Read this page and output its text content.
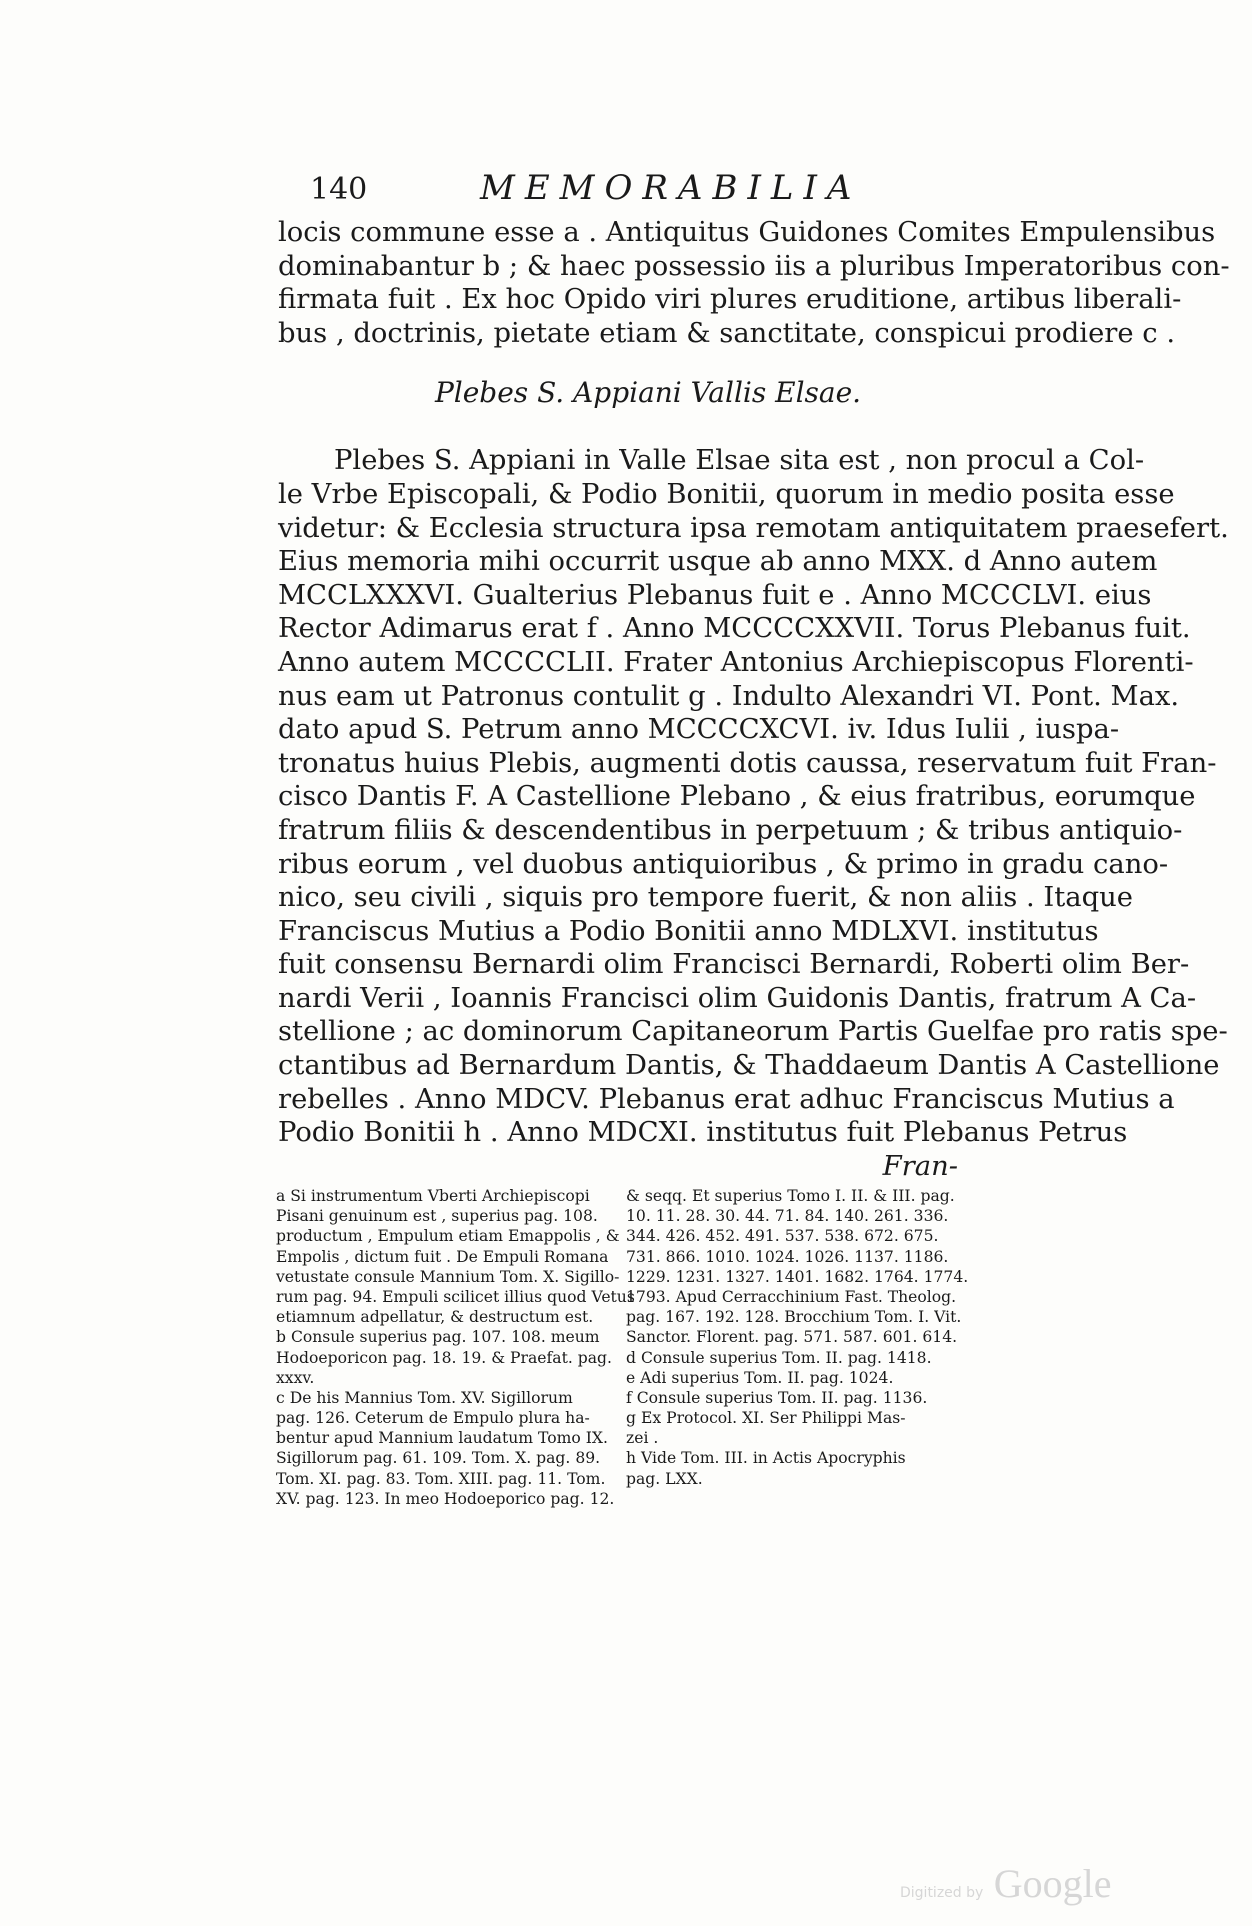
140	MEMORABILIA
locis commune esse a . Antiquitus Guidones Comites Empulensibus
dominabantur b ; & haec possessio iis a pluribus Imperatoribus con-
firmata fuit . Ex hoc Opido viri plures eruditione, artibus liberali-
bus , doctrinis, pietate etiam & sanctitate, conspicui prodiere c .
Plebes S. Appiani Vallis Elsae.
Plebes S. Appiani in Valle Elsae sita est , non procul a Col-
le Vrbe Episcopali, & Podio Bonitii, quorum in medio posita esse
videtur: & Ecclesia structura ipsa remotam antiquitatem praesefert.
Eius memoria mihi occurrit usque ab anno MXX. d Anno autem
MCCLXXXVI. Gualterius Plebanus fuit e . Anno MCCCLVI. eius
Rector Adimarus erat f . Anno MCCCCXXVII. Torus Plebanus fuit.
Anno autem MCCCCLII. Frater Antonius Archiepiscopus Florenti-
nus eam ut Patronus contulit g . Indulto Alexandri VI. Pont. Max.
dato apud S. Petrum anno MCCCCXCVI. iv. Idus Iulii , iuspa-
tronatus huius Plebis, augmenti dotis caussa, reservatum fuit Fran-
cisco Dantis F. A Castellione Plebano , & eius fratribus, eorumque
fratrum filiis & descendentibus in perpetuum ; & tribus antiquio-
ribus eorum , vel duobus antiquioribus , & primo in gradu cano-
nico, seu civili , siquis pro tempore fuerit, & non aliis . Itaque
Franciscus Mutius a Podio Bonitii anno MDLXVI. institutus
fuit consensu Bernardi olim Francisci Bernardi, Roberti olim Ber-
nardi Verii , Ioannis Francisci olim Guidonis Dantis, fratrum A Ca-
stellione ; ac dominorum Capitaneorum Partis Guelfae pro ratis spe-
ctantibus ad Bernardum Dantis, & Thaddaeum Dantis A Castellione
rebelles . Anno MDCV. Plebanus erat adhuc Franciscus Mutius a
Podio Bonitii h . Anno MDCXI. institutus fuit Plebanus Petrus
Fran-
a Si instrumentum Vberti Archiepiscopi
Pisani genuinum est , superius pag. 108.
productum , Empulum etiam Emappolis , &
Empolis , dictum fuit . De Empuli Romana
vetustate consule Mannium Tom. X. Sigillo-
rum pag. 94. Empuli scilicet illius quod Vetus
etiamnum adpellatur, & destructum est.
b Consule superius pag. 107. 108. meum
Hodoeporicon pag. 18. 19. & Praefat. pag.
xxxv.
c De his Mannius Tom. XV. Sigillorum
pag. 126. Ceterum de Empulo plura ha-
bentur apud Mannium laudatum Tomo IX.
Sigillorum pag. 61. 109. Tom. X. pag. 89.
Tom. XI. pag. 83. Tom. XIII. pag. 11. Tom.
XV. pag. 123. In meo Hodoeporico pag. 12.
& seqq. Et superius Tomo I. II. & III. pag.
10. 11. 28. 30. 44. 71. 84. 140. 261. 336.
344. 426. 452. 491. 537. 538. 672. 675.
731. 866. 1010. 1024. 1026. 1137. 1186.
1229. 1231. 1327. 1401. 1682. 1764. 1774.
1793. Apud Cerracchinium Fast. Theolog.
pag. 167. 192. 128. Brocchium Tom. I. Vit.
Sanctor. Florent. pag. 571. 587. 601. 614.
d Consule superius Tom. II. pag. 1418.
e Adi superius Tom. II. pag. 1024.
f Consule superius Tom. II. pag. 1136.
g Ex Protocol. XI. Ser Philippi Mas-
zei .
h Vide Tom. III. in Actis Apocryphis
pag. LXX.
Digitized by Google
